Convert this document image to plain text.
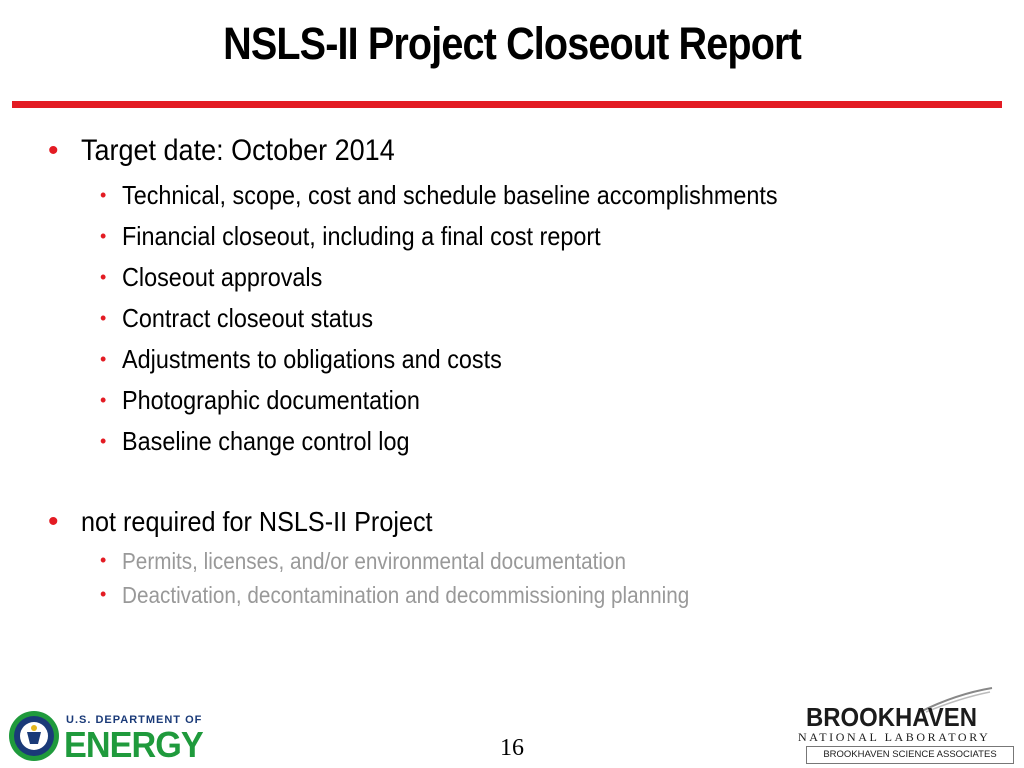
NSLS-II Project Closeout Report
• Target date: October 2014
• Technical, scope, cost and schedule baseline accomplishments
• Financial closeout, including a final cost report
• Closeout approvals
• Contract closeout status
• Adjustments to obligations and costs
• Photographic documentation
• Baseline change control log
• not required for NSLS-II Project
• Permits, licenses, and/or environmental documentation
• Deactivation, decontamination and decommissioning planning
U.S. DEPARTMENT OF
ENERGY	16
BROOKHAVEN
NATIONAL LABORATORY
BROOKHAVEN SCIENCE ASSOCIATES
